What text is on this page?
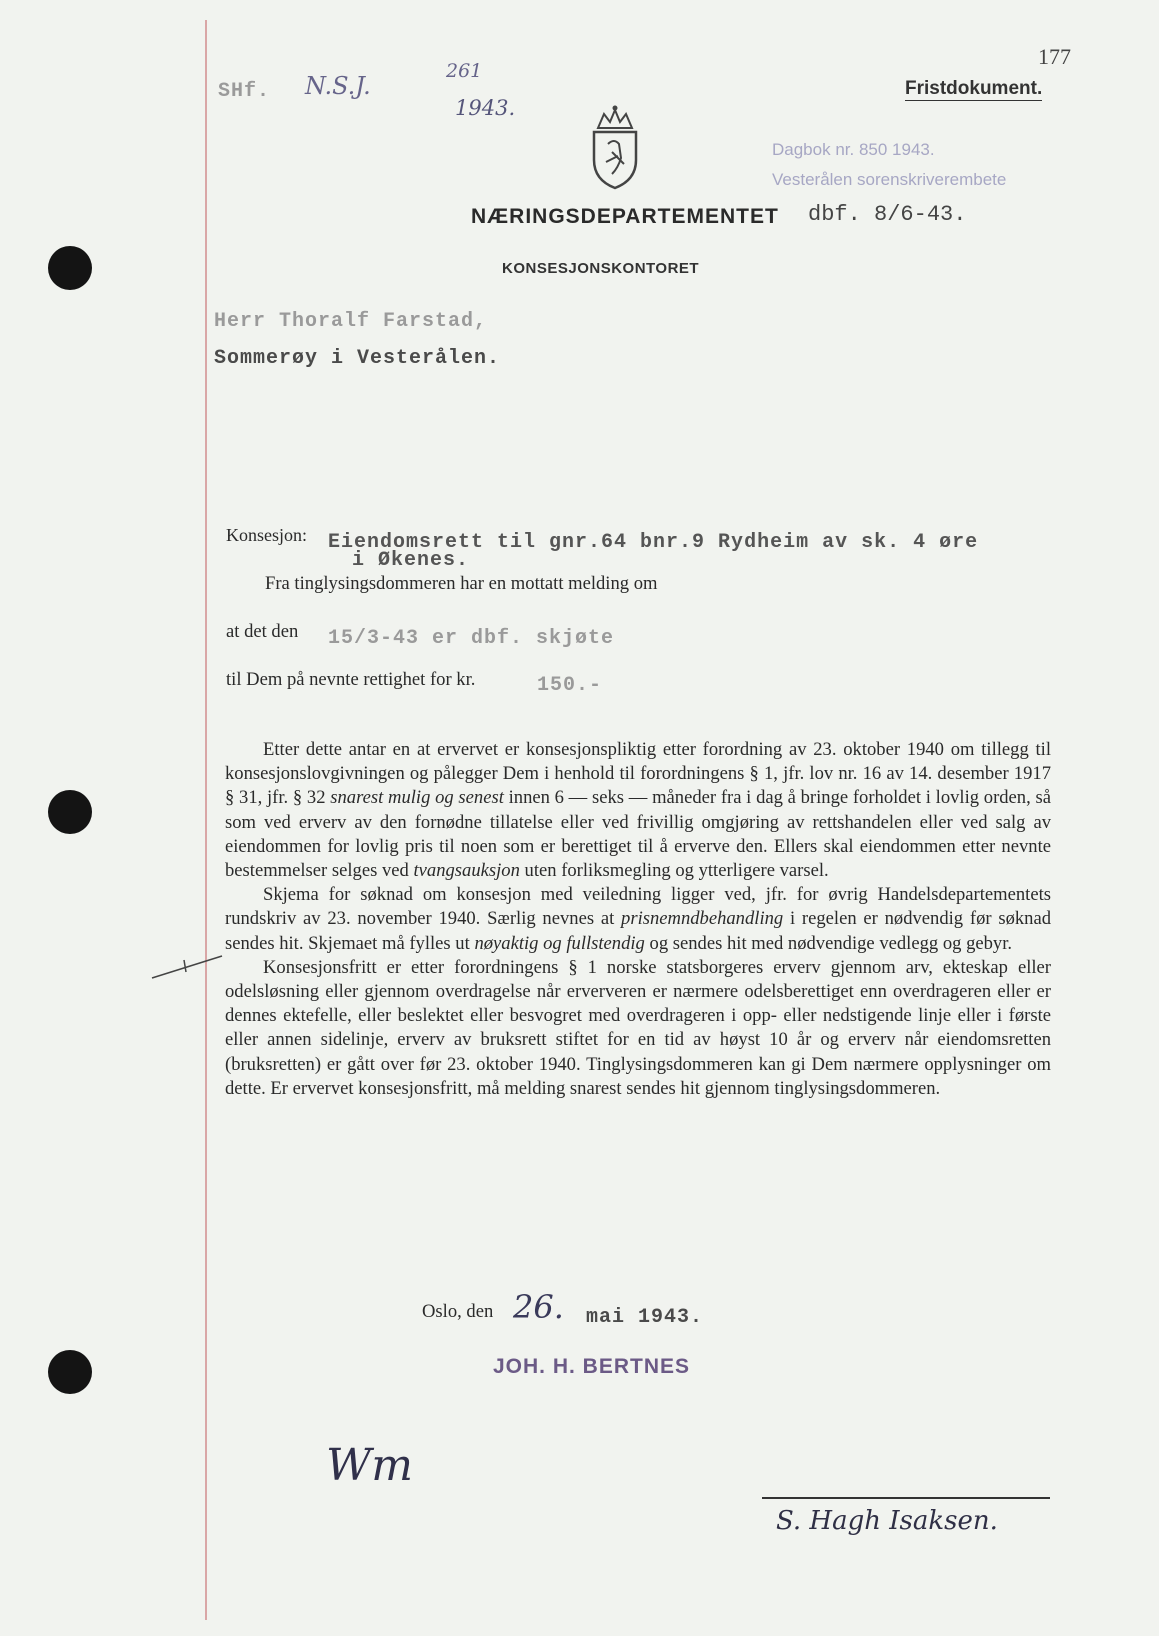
SHf. N.S.J.
261
1943.
177
Fristdokument.
Dagbok nr. 850 1943.
Vesterålen sorenskriverembete
dbf. 8/6-43.
NÆRINGSDEPARTEMENTET
KONSESJONSKONTORET
Herr Thoralf Farstad,
Sommerøy i Vesterålen.
Konsesjon: Eiendomsrett til gnr.64 bnr.9 Rydheim av sk. 4 øre
i Økenes.
Fra tinglysingsdommeren har en mottatt melding om
at det den 15/3-43 er dbf. skjøte
til Dem på nevnte rettighet for kr.	150.-

Etter dette antar en at ervervet er konsesjonspliktig etter forordning av 23. oktober 1940 om tillegg til konsesjonslovgivningen og pålegger Dem i henhold til forordningens § 1, jfr. lov nr. 16 av 14. desember 1917 § 31, jfr. § 32 snarest mulig og senest innen 6 — seks — måneder fra i dag å bringe forholdet i lovlig orden, så som ved erverv av den fornødne tillatelse eller ved frivillig omgjøring av rettshandelen eller ved salg av eiendommen for lovlig pris til noen som er berettiget til å erverve den. Ellers skal eiendommen etter nevnte bestemmelser selges ved tvangsauksjon uten forliksmegling og ytterligere varsel.

Skjema for søknad om konsesjon med veiledning ligger ved, jfr. for øvrig Handelsdepartementets rundskriv av 23. november 1940. Særlig nevnes at prisnemndbehandling i regelen er nødvendig før søknad sendes hit. Skjemaet må fylles ut nøyaktig og fullstendig og sendes hit med nødvendige vedlegg og gebyr.

Konsesjonsfritt er etter forordningens § 1 norske statsborgeres erverv gjennom arv, ekteskap eller odelsløsning eller gjennom overdragelse når erververen er nærmere odelsberettiget enn overdrageren eller er dennes ektefelle, eller beslektet eller besvogret med overdrageren i opp- eller nedstigende linje eller i første eller annen sidelinje, erverv av bruksrett stiftet for en tid av høyst 10 år og erverv når eiendomsretten (bruksretten) er gått over før 23. oktober 1940. Tinglysingsdommeren kan gi Dem nærmere opplysninger om dette. Er ervervet konsesjonsfritt, må melding snarest sendes hit gjennom tinglysingsdommeren.

Oslo, den 26. mai 1943.
JOH. H. BERTNES
Wm
S. Hagh Isaksen.
